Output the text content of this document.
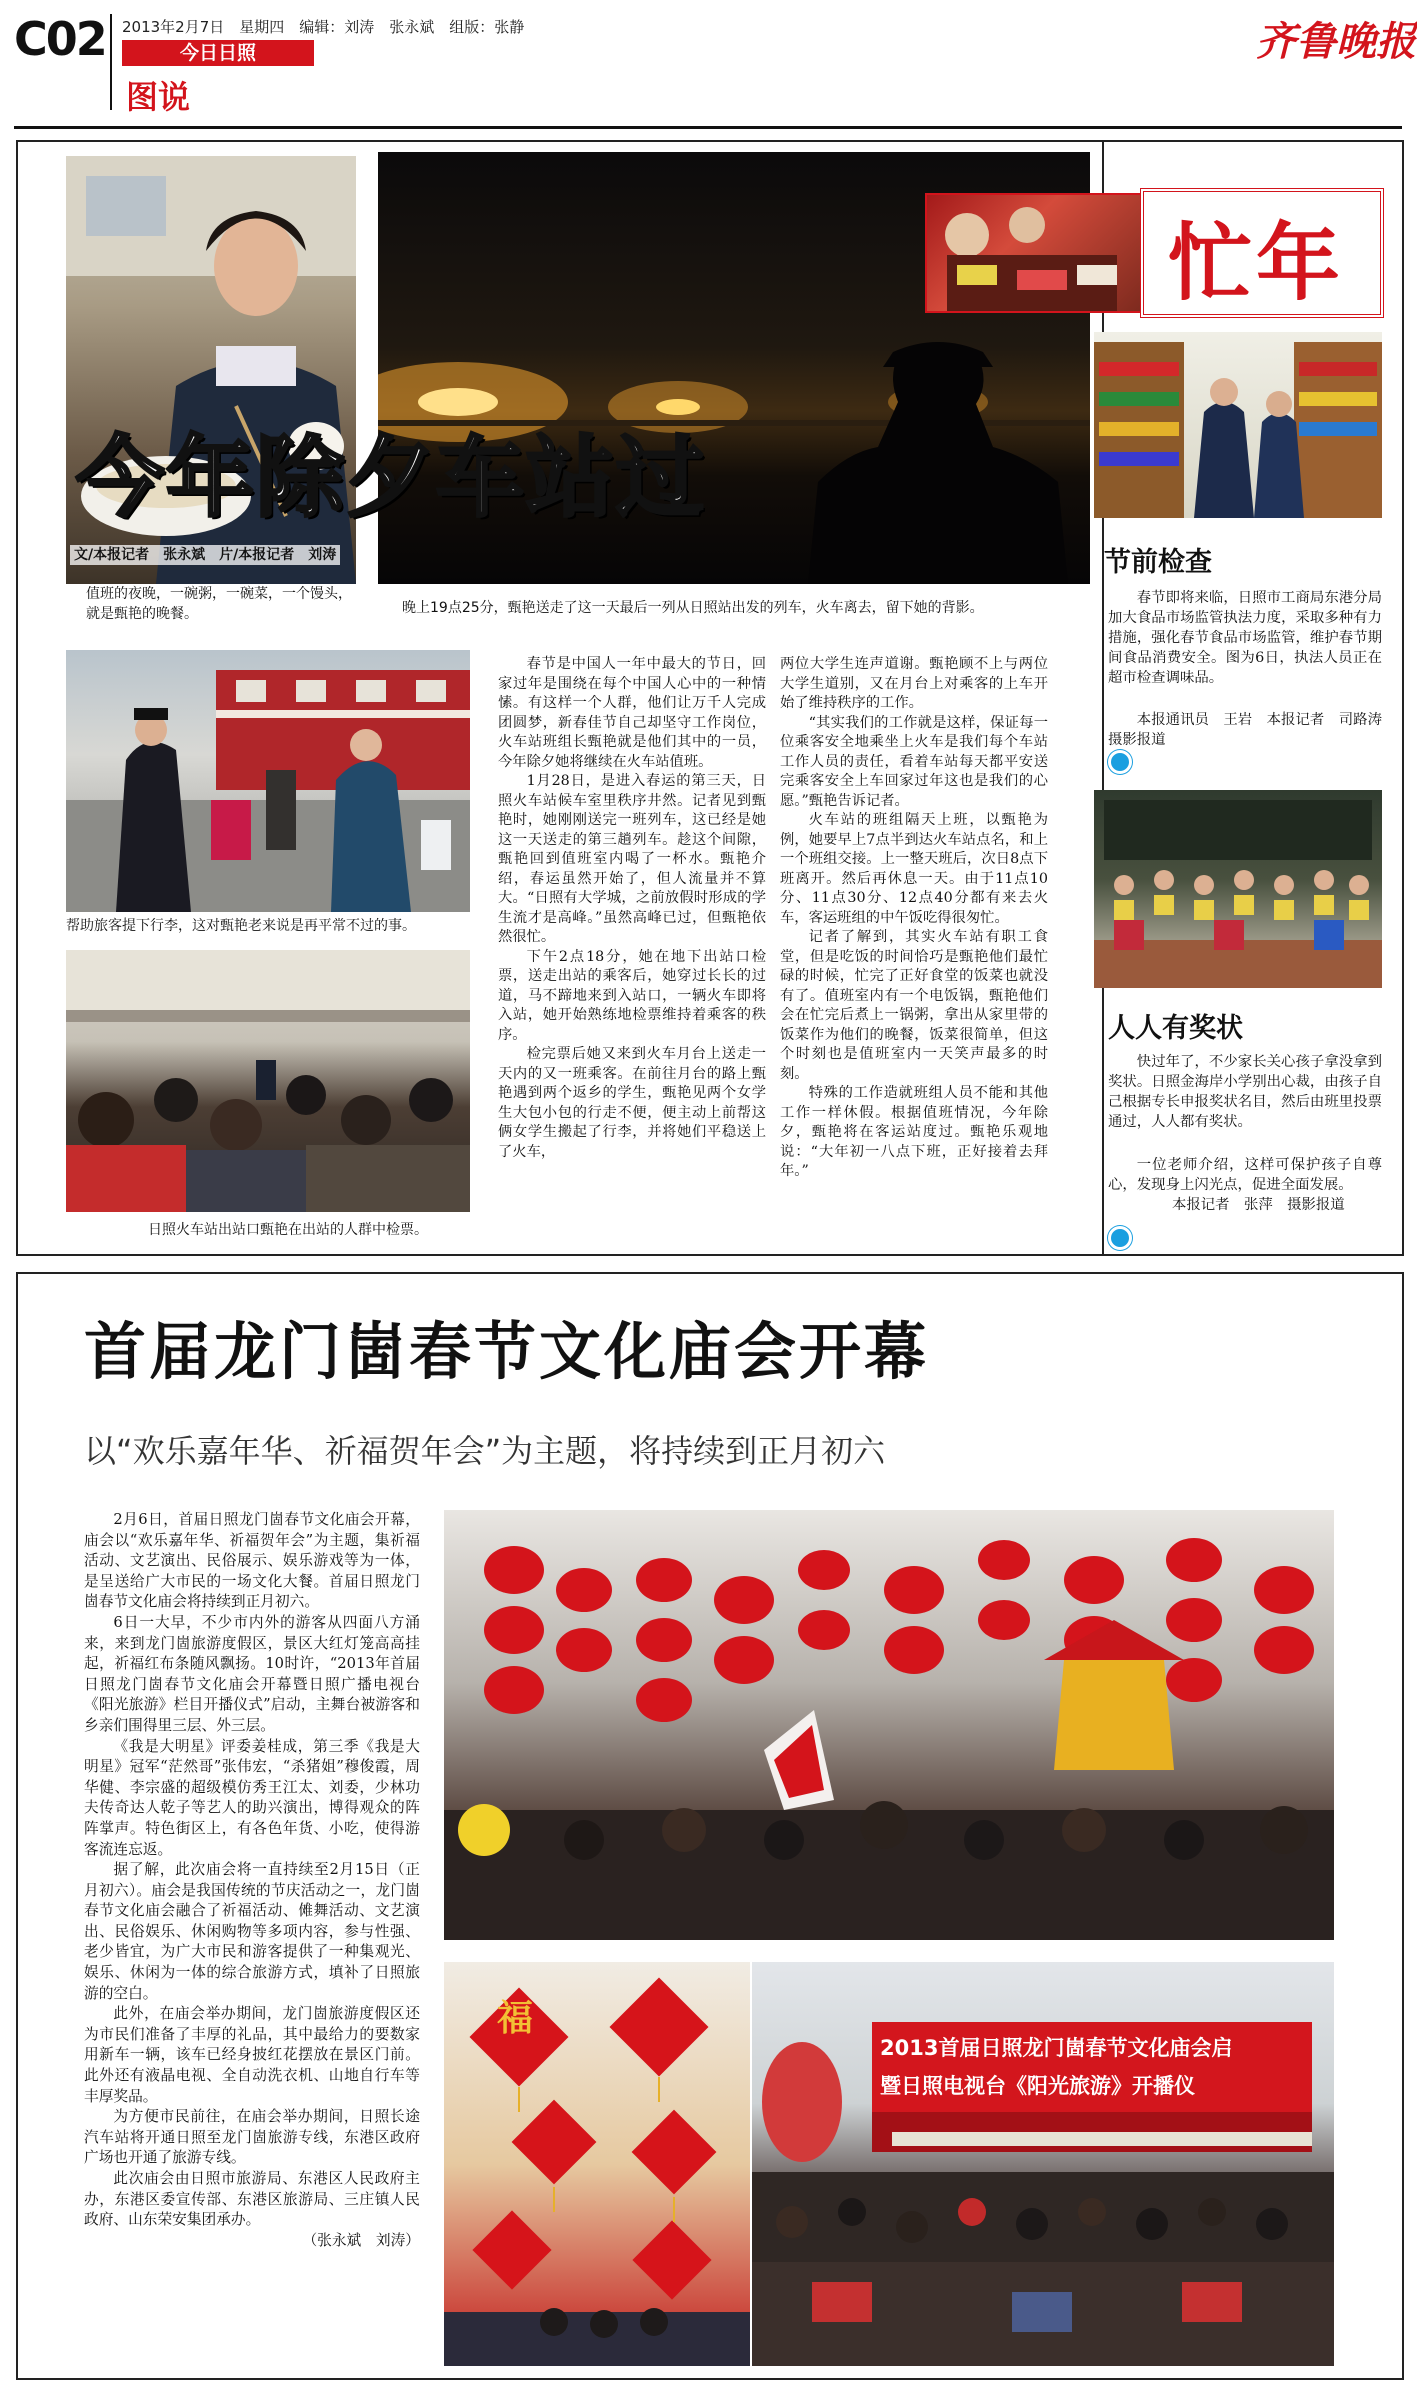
C02 2013年2月7日　星期四　编辑：刘涛　张永斌　组版：张静
今日日照
图说
齐鲁晚报
今年除夕车站过
文/本报记者　张永斌　片/本报记者　刘涛
值班的夜晚，一碗粥，一碗菜，一个馒头，就是甄艳的晚餐。	晚上19点25分，甄艳送走了这一天最后一列从日照站出发的列车，火车离去，留下她的背影。
帮助旅客提下行李，这对甄艳老来说是再平常不过的事。
日照火车站出站口甄艳在出站的人群中检票。

春节是中国人一年中最大的节日，回家过年是围绕在每个中国人心中的一种情愫。有这样一个人群，他们让万千人完成团圆梦，新春佳节自己却坚守工作岗位，火车站班组长甄艳就是他们其中的一员，今年除夕她将继续在火车站值班。

1月28日，是进入春运的第三天，日照火车站候车室里秩序井然。记者见到甄艳时，她刚刚送完一班列车，这已经是她这一天送走的第三趟列车。趁这个间隙，甄艳回到值班室内喝了一杯水。甄艳介绍，春运虽然开始了，但人流量并不算大。“日照有大学城，之前放假时形成的学生流才是高峰。”虽然高峰已过，但甄艳依然很忙。

下午2点18分，她在地下出站口检票，送走出站的乘客后，她穿过长长的过道，马不蹄地来到入站口，一辆火车即将入站，她开始熟练地检票维持着乘客的秩序。

检完票后她又来到火车月台上送走一天内的又一班乘客。在前往月台的路上甄艳遇到两个返乡的学生，甄艳见两个女学生大包小包的行走不便，便主动上前帮这俩女学生搬起了行李，并将她们平稳送上了火车，

两位大学生连声道谢。甄艳顾不上与两位大学生道别，又在月台上对乘客的上车开始了维持秩序的工作。

“其实我们的工作就是这样，保证每一位乘客安全地乘坐上火车是我们每个车站工作人员的责任，看着车站每天都平安送完乘客安全上车回家过年这也是我们的心愿。”甄艳告诉记者。

火车站的班组隔天上班，以甄艳为例，她要早上7点半到达火车站点名，和上一个班组交接。上一整天班后，次日8点下班离开。然后再休息一天。由于11点10分、11点30分、12点40分都有来去火车，客运班组的中午饭吃得很匆忙。

记者了解到，其实火车站有职工食堂，但是吃饭的时间恰巧是甄艳他们最忙碌的时候，忙完了正好食堂的饭菜也就没有了。值班室内有一个电饭锅，甄艳他们会在忙完后煮上一锅粥，拿出从家里带的饭菜作为他们的晚餐，饭菜很简单，但这个时刻也是值班室内一天笑声最多的时刻。

特殊的工作造就班组人员不能和其他工作一样休假。根据值班情况，今年除夕，甄艳将在客运站度过。甄艳乐观地说：“大年初一八点下班，正好接着去拜年。”

忙年
节前检查
春节即将来临，日照市工商局东港分局加大食品市场监管执法力度，采取多种有力措施，强化春节食品市场监管，维护春节期间食品消费安全。图为6日，执法人员正在超市检查调味品。
本报通讯员　王岩　本报记者　司路涛　摄影报道
人人有奖状
快过年了，不少家长关心孩子拿没拿到奖状。日照金海岸小学别出心裁，由孩子自己根据专长申报奖状名目，然后由班里投票通过，人人都有奖状。
一位老师介绍，这样可保护孩子自尊心，发现身上闪光点，促进全面发展。
本报记者　张萍　摄影报道
首届龙门崮春节文化庙会开幕
以“欢乐嘉年华、祈福贺年会”为主题，将持续到正月初六

2月6日，首届日照龙门崮春节文化庙会开幕，庙会以“欢乐嘉年华、祈福贺年会”为主题，集祈福活动、文艺演出、民俗展示、娱乐游戏等为一体，是呈送给广大市民的一场文化大餐。首届日照龙门崮春节文化庙会将持续到正月初六。

6日一大早，不少市内外的游客从四面八方涌来，来到龙门崮旅游度假区，景区大红灯笼高高挂起，祈福红布条随风飘扬。10时许，“2013年首届日照龙门崮春节文化庙会开幕暨日照广播电视台《阳光旅游》栏目开播仪式”启动，主舞台被游客和乡亲们围得里三层、外三层。

《我是大明星》评委姜桂成，第三季《我是大明星》冠军“茫然哥”张伟宏，“杀猪姐”穆俊霞，周华健、李宗盛的超级模仿秀王江太、刘委，少林功夫传奇达人乾子等艺人的助兴演出，博得观众的阵阵掌声。特色街区上，有各色年货、小吃，使得游客流连忘返。

据了解，此次庙会将一直持续至2月15日（正月初六）。庙会是我国传统的节庆活动之一，龙门崮春节文化庙会融合了祈福活动、傩舞活动、文艺演出、民俗娱乐、休闲购物等多项内容，参与性强、老少皆宜，为广大市民和游客提供了一种集观光、娱乐、休闲为一体的综合旅游方式，填补了日照旅游的空白。

此外，在庙会举办期间，龙门崮旅游度假区还为市民们准备了丰厚的礼品，其中最给力的要数家用新车一辆，该车已经身披红花摆放在景区门前。此外还有液晶电视、全自动洗衣机、山地自行车等丰厚奖品。

为方便市民前往，在庙会举办期间，日照长途汽车站将开通日照至龙门崮旅游专线，东港区政府广场也开通了旅游专线。

此次庙会由日照市旅游局、东港区人民政府主办，东港区委宣传部、东港区旅游局、三庄镇人民政府、山东荣安集团承办。

（张永斌　刘涛）

福
2013首届日照龙门崮春节文化庙会启
暨日照电视台《阳光旅游》开播仪
